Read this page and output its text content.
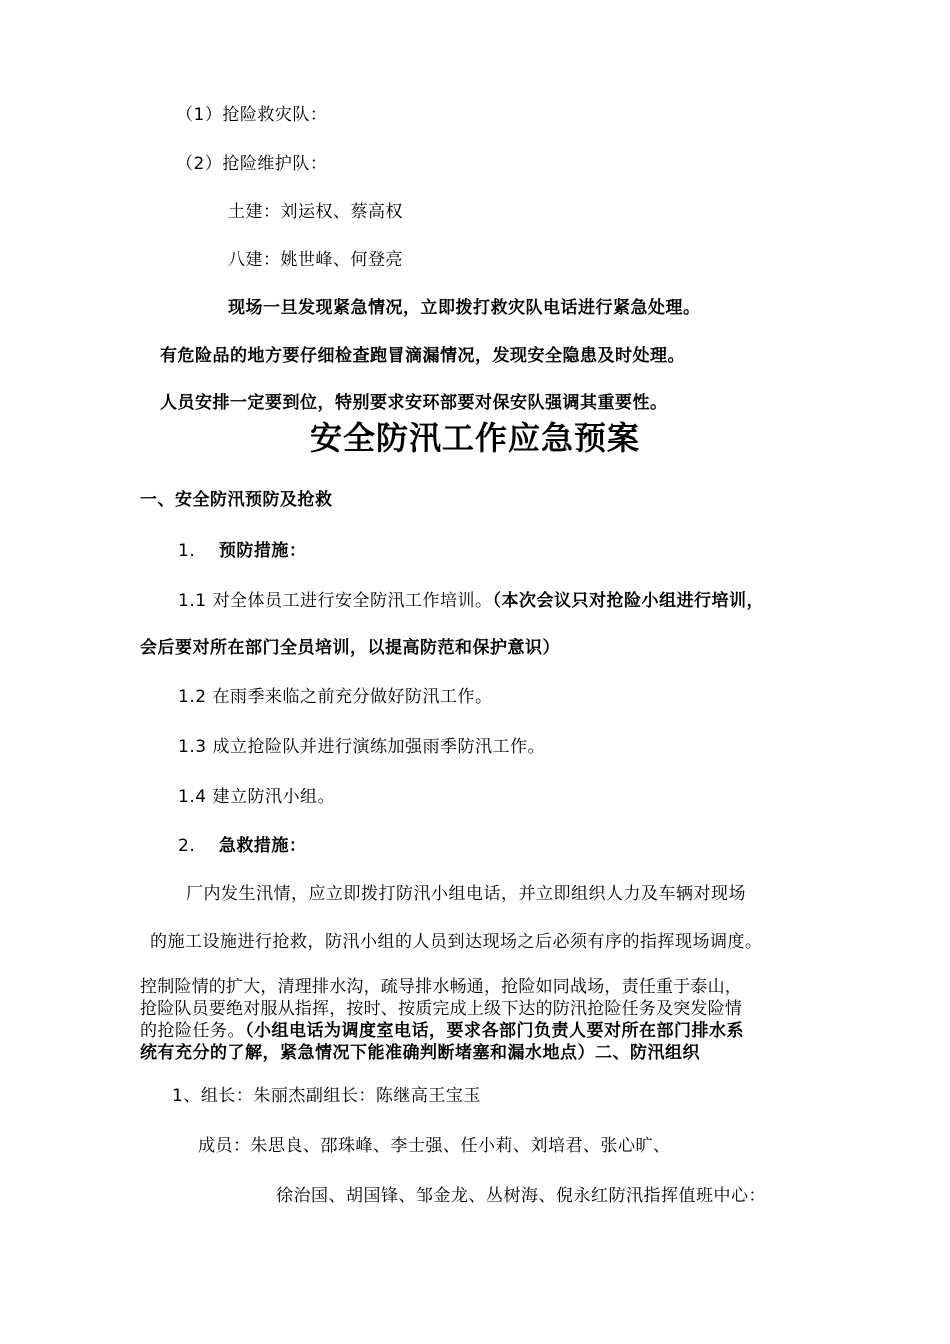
（1）抢险救灾队：
（2）抢险维护队：
土建：刘运权、蔡高权
八建：姚世峰、何登亮
现场一旦发现紧急情况，立即拨打救灾队电话进行紧急处理。
有危险品的地方要仔细检查跑冒滴漏情况，发现安全隐患及时处理。
人员安排一定要到位，特别要求安环部要对保安队强调其重要性。
安全防汛工作应急预案
一、安全防汛预防及抢救
1. 预防措施：
1.1 对全体员工进行安全防汛工作培训。（本次会议只对抢险小组进行培训，
会后要对所在部门全员培训，以提高防范和保护意识）
1.2 在雨季来临之前充分做好防汛工作。
1.3 成立抢险队并进行演练加强雨季防汛工作。
1.4 建立防汛小组。
2. 急救措施：
厂内发生汛情，应立即拨打防汛小组电话，并立即组织人力及车辆对现场
的施工设施进行抢救，防汛小组的人员到达现场之后必须有序的指挥现场调度。
控制险情的扩大，清理排水沟，疏导排水畅通，抢险如同战场，责任重于泰山，
抢险队员要绝对服从指挥，按时、按质完成上级下达的防汛抢险任务及突发险情
的抢险任务。（小组电话为调度室电话，要求各部门负责人要对所在部门排水系
统有充分的了解，紧急情况下能准确判断堵塞和漏水地点）二、防汛组织
1、组长：朱丽杰副组长：陈继高王宝玉
成员：朱思良、邵珠峰、李士强、任小莉、刘培君、张心旷、
徐治国、胡国锋、邹金龙、丛树海、倪永红防汛指挥值班中心：
